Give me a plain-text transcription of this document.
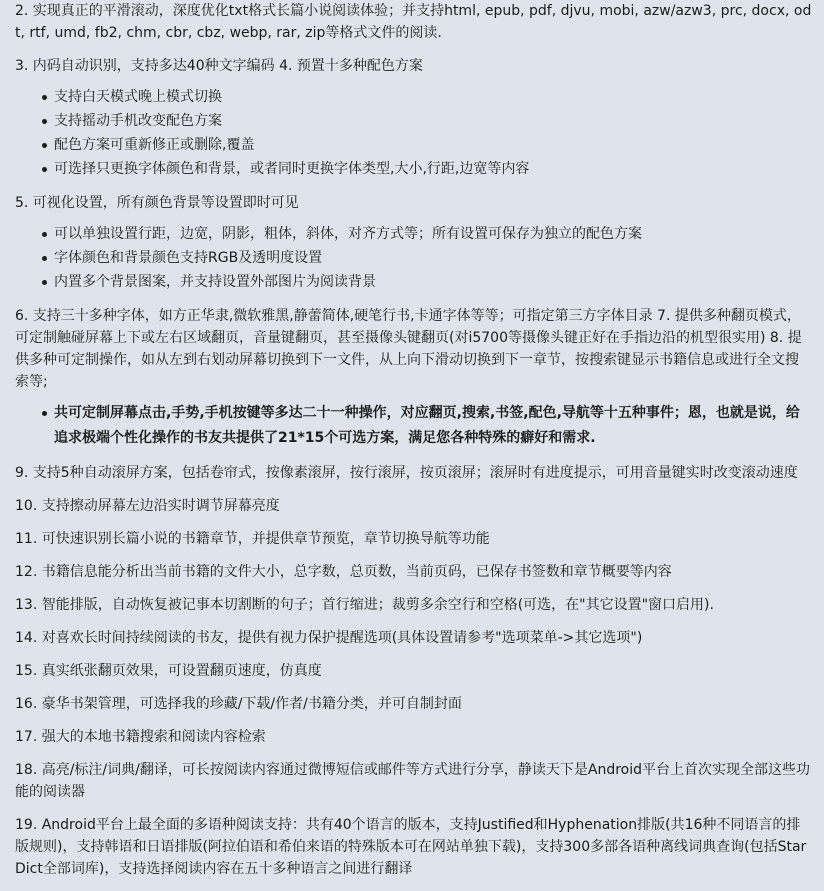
2. 实现真正的平滑滚动，深度优化txt格式长篇小说阅读体验；并支持html, epub, pdf, djvu, mobi, azw/azw3, prc, docx, odt, rtf, umd, fb2, chm, cbr, cbz, webp, rar, zip等格式文件的阅读.

3. 内码自动识别，支持多达40种文字编码 4. 预置十多种配色方案

支持白天模式晚上模式切换
支持摇动手机改变配色方案
配色方案可重新修正或删除,覆盖
可选择只更换字体颜色和背景，或者同时更换字体类型,大小,行距,边宽等内容

5. 可视化设置，所有颜色背景等设置即时可见

可以单独设置行距，边宽，阴影，粗体，斜体，对齐方式等；所有设置可保存为独立的配色方案
字体颜色和背景颜色支持RGB及透明度设置
内置多个背景图案，并支持设置外部图片为阅读背景

6. 支持三十多种字体，如方正华隶,微软雅黑,静蕾简体,硬笔行书,卡通字体等等；可指定第三方字体目录 7. 提供多种翻页模式，可定制触碰屏幕上下或左右区域翻页，音量键翻页，甚至摄像头键翻页(对i5700等摄像头键正好在手指边沿的机型很实用) 8. 提供多种可定制操作，如从左到右划动屏幕切换到下一文件，从上向下滑动切换到下一章节，按搜索键显示书籍信息或进行全文搜索等;

共可定制屏幕点击,手势,手机按键等多达二十一种操作，对应翻页,搜索,书签,配色,导航等十五种事件；恩，也就是说，给追求极端个性化操作的书友共提供了21*15个可选方案，满足您各种特殊的癖好和需求.

9. 支持5种自动滚屏方案，包括卷帘式，按像素滚屏，按行滚屏，按页滚屏；滚屏时有进度提示，可用音量键实时改变滚动速度

10. 支持擦动屏幕左边沿实时调节屏幕亮度

11. 可快速识别长篇小说的书籍章节，并提供章节预览，章节切换导航等功能

12. 书籍信息能分析出当前书籍的文件大小，总字数，总页数，当前页码，已保存书签数和章节概要等内容

13. 智能排版，自动恢复被记事本切割断的句子；首行缩进；裁剪多余空行和空格(可选，在"其它设置"窗口启用).

14. 对喜欢长时间持续阅读的书友，提供有视力保护提醒选项(具体设置请参考"选项菜单->其它选项")

15. 真实纸张翻页效果，可设置翻页速度，仿真度

16. 豪华书架管理，可选择我的珍藏/下载/作者/书籍分类，并可自制封面

17. 强大的本地书籍搜索和阅读内容检索

18. 高亮/标注/词典/翻译，可长按阅读内容通过微博短信或邮件等方式进行分享，静读天下是Android平台上首次实现全部这些功能的阅读器

19. Android平台上最全面的多语种阅读支持：共有40个语言的版本，支持Justified和Hyphenation排版(共16种不同语言的排版规则)，支持韩语和日语排版(阿拉伯语和希伯来语的特殊版本可在网站单独下载)，支持300多部各语种离线词典查询(包括StarDict全部词库)，支持选择阅读内容在五十多种语言之间进行翻译
